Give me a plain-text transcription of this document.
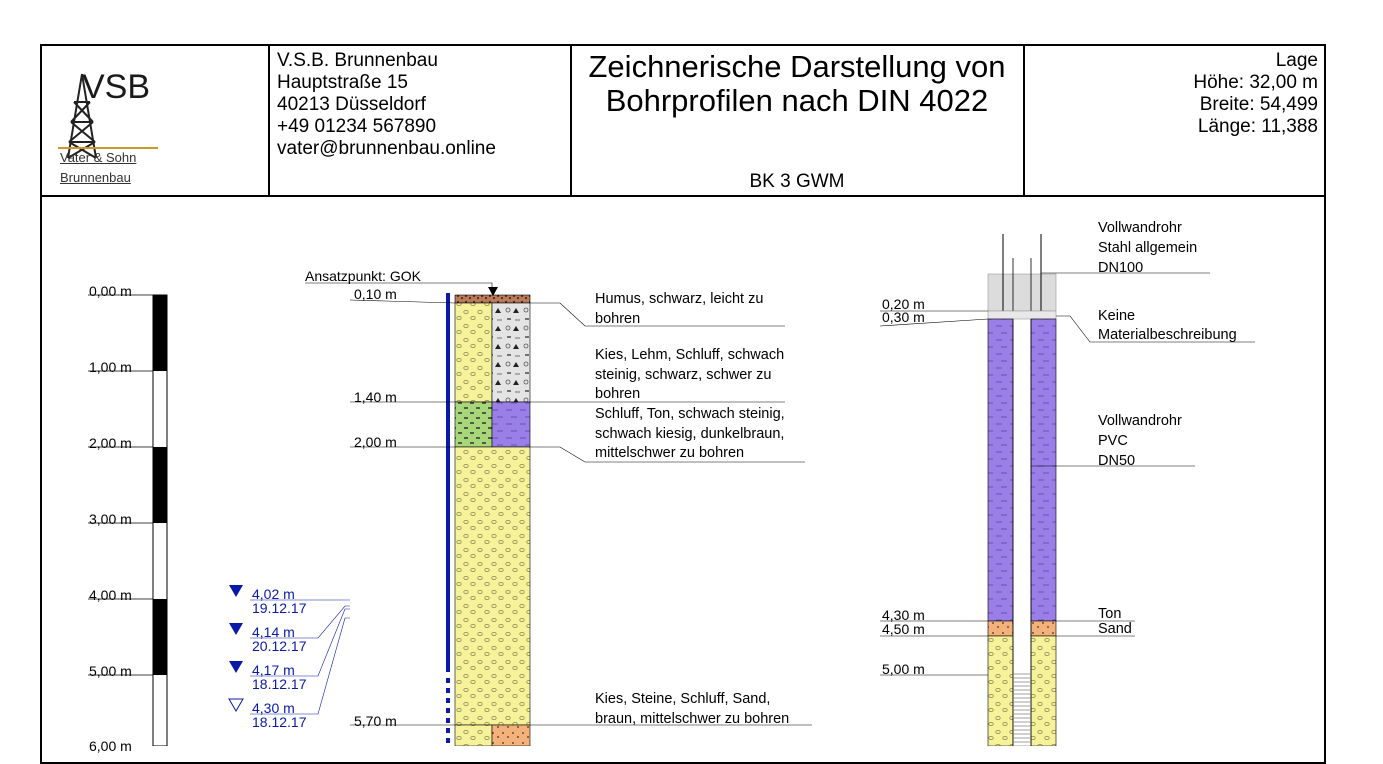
VSB
Vater & Sohn
Brunnenbau
V.S.B. Brunnenbau
Hauptstraße 15
40213 Düsseldorf
+49 01234 567890
vater@brunnenbau.online
Zeichnerische Darstellung von
Bohrprofilen nach DIN 4022
BK 3 GWM
Lage
Höhe: 32,00 m
Breite: 54,499
Länge: 11,388
0,00 m
1,00 m
2,00 m
3,00 m
4,00 m
5,00 m
6,00 m
4,02 m
19.12.17
4,14 m
20.12.17
4,17 m
18.12.17
4,30 m
18.12.17
Ansatzpunkt: GOK
0,10 m
1,40 m
2,00 m
5,70 m
Humus, schwarz, leicht zu
bohren
Kies, Lehm, Schluff, schwach
steinig, schwarz, schwer zu
bohren
Schluff, Ton, schwach steinig,
schwach kiesig, dunkelbraun,
mittelschwer zu bohren
Kies, Steine, Schluff, Sand,
braun, mittelschwer zu bohren
0,20 m
0,30 m
4,30 m
4,50 m
5,00 m
Vollwandrohr
Stahl allgemein
DN100
Keine
Materialbeschreibung
Vollwandrohr
PVC
DN50
Ton
Sand
